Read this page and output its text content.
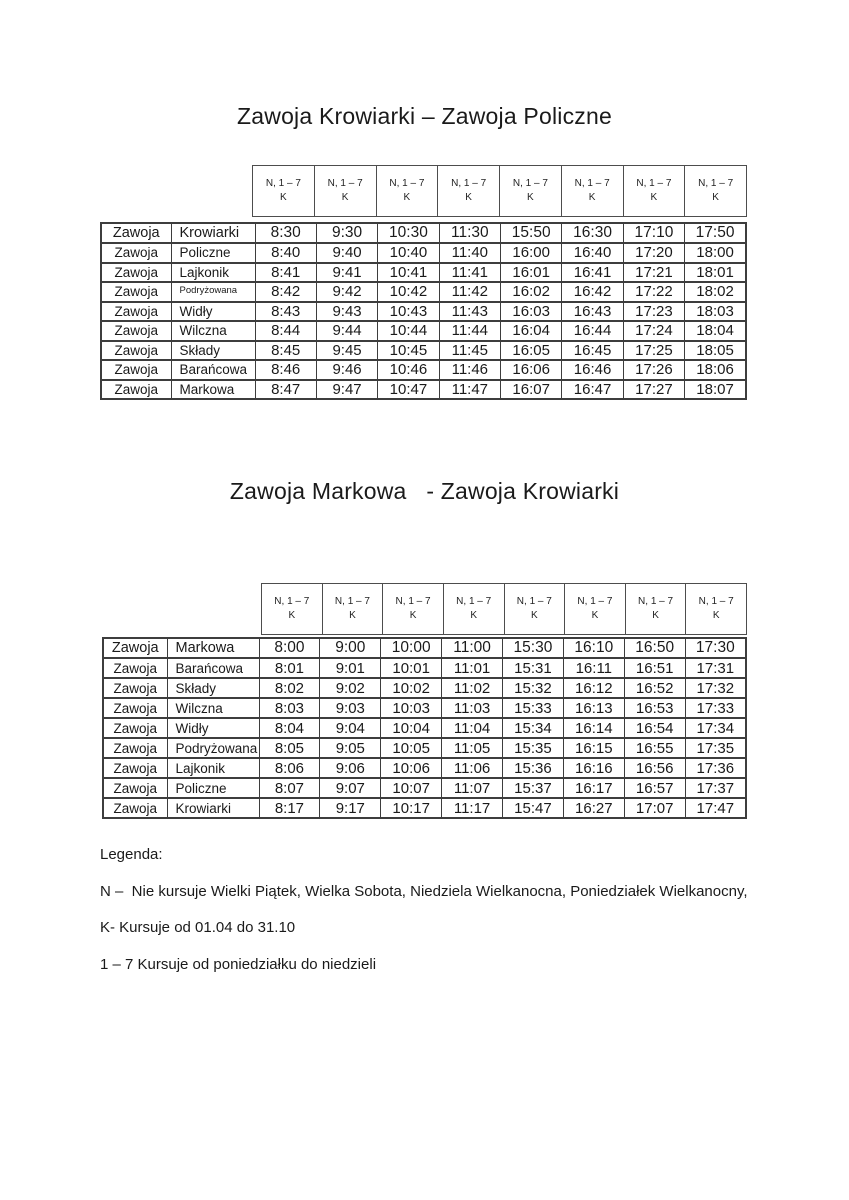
Zawoja Krowiarki – Zawoja Policzne
N, 1 – 7
K
N, 1 – 7
K
N, 1 – 7
K
N, 1 – 7
K
N, 1 – 7
K
N, 1 – 7
K
N, 1 – 7
K
N, 1 – 7
K
Zawoja	Krowiarki	8:30	9:30	10:30	11:30	15:50	16:30	17:10	17:50
Zawoja	Policzne	8:40	9:40	10:40	11:40	16:00	16:40	17:20	18:00
Zawoja	Lajkonik	8:41	9:41	10:41	11:41	16:01	16:41	17:21	18:01
Zawoja	Podryżowana	8:42	9:42	10:42	11:42	16:02	16:42	17:22	18:02
Zawoja	Widły	8:43	9:43	10:43	11:43	16:03	16:43	17:23	18:03
Zawoja	Wilczna	8:44	9:44	10:44	11:44	16:04	16:44	17:24	18:04
Zawoja	Składy	8:45	9:45	10:45	11:45	16:05	16:45	17:25	18:05
Zawoja	Barańcowa	8:46	9:46	10:46	11:46	16:06	16:46	17:26	18:06
Zawoja	Markowa	8:47	9:47	10:47	11:47	16:07	16:47	17:27	18:07
Zawoja Markowa   - Zawoja Krowiarki
N, 1 – 7
K
N, 1 – 7
K
N, 1 – 7
K
N, 1 – 7
K
N, 1 – 7
K
N, 1 – 7
K
N, 1 – 7
K
N, 1 – 7
K
Zawoja	Markowa	8:00	9:00	10:00	11:00	15:30	16:10	16:50	17:30
Zawoja	Barańcowa	8:01	9:01	10:01	11:01	15:31	16:11	16:51	17:31
Zawoja	Składy	8:02	9:02	10:02	11:02	15:32	16:12	16:52	17:32
Zawoja	Wilczna	8:03	9:03	10:03	11:03	15:33	16:13	16:53	17:33
Zawoja	Widły	8:04	9:04	10:04	11:04	15:34	16:14	16:54	17:34
Zawoja	Podryżowana	8:05	9:05	10:05	11:05	15:35	16:15	16:55	17:35
Zawoja	Lajkonik	8:06	9:06	10:06	11:06	15:36	16:16	16:56	17:36
Zawoja	Policzne	8:07	9:07	10:07	11:07	15:37	16:17	16:57	17:37
Zawoja	Krowiarki	8:17	9:17	10:17	11:17	15:47	16:27	17:07	17:47

Legenda:

N –  Nie kursuje Wielki Piątek, Wielka Sobota, Niedziela Wielkanocna, Poniedziałek Wielkanocny,

K- Kursuje od 01.04 do 31.10

1 – 7 Kursuje od poniedziałku do niedzieli
